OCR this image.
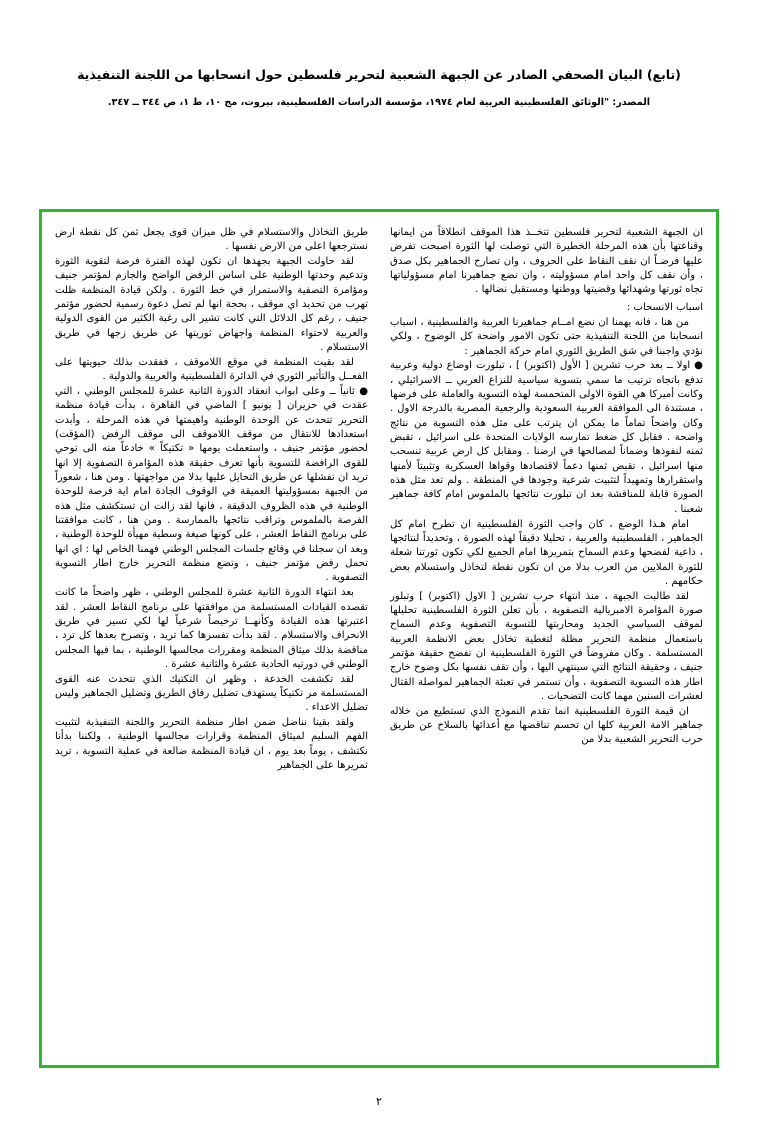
(تابع) البيان الصحفي الصادر عن الجبهة الشعبية لتحرير فلسطين حول انسحابها من اللجنة التنفيذية
المصدر: "الوثائق الفلسطينية العربية لعام ١٩٧٤، مؤسسة الدراسات الفلسطينية، بيروت، مج ١٠، ط ١، ص ٣٤٤ ــ ٣٤٧.

ان الجبهة الشعبية لتحرير فلسطين تتخــذ هذا الموقف انطلاقاً من ايمانها وقناعتها بأن هذه المرحلة الخطيرة التي توصلت لها الثورة اصبحت تفرض عليها فرضـاً ان نقف النقاط على الحروف ، وان تصارح الجماهير بكل صدق ، وأن نقف كل واحد امام مسؤوليته ، وان نضع جماهيرنا امام مسؤولياتها تجاه ثورتها وشهدائها وقضيتها ووطنها ومستقبل نضالها .

اسباب الانسحاب :

من هنا ، فانه يهمنا ان نضع امــام جماهيرنا العربية والفلسطينية ، اسباب انسحابنا من اللجنة التنفيذية حتى تكون الامور واضحة كل الوضوح ، ولكي نؤدي واجبنا في شق الطريق الثوري امام حركة الجماهير :

● اولا ــ بعد حرب تشرين [ الأول (اكتوبر) ] ، تبلورت اوضاع دولية وعربية تدفع باتجاه ترتيب ما سمي بتسوية سياسية للنزاع العربي ــ الاسرائيلي ، وكانت أميركا هي القوة الاولى المتحمسة لهذه التسوية والعاملة على فرضها ، مستندة الى الموافقة العربية السعودية والرجعية المصرية بالدرجة الاول . وكان واضحاً تماماً ما يمكن ان يترتب على مثل هذه التسوية من نتائج واضحة . فقابل كل ضغط تمارسه الولايات المتحدة على اسرائيل ، تقبض ثمنه لنفوذها وضماناً لمصالحها في ارضنا . ومقابل كل ارض عربية تنسحب منها اسرائيل ، تقبض ثمنها دعماً لاقتصادها وقواها العسكرية وتثبيتاً لأمنها واستقرارها وتمهيداً لتثبيت شرعية وجودها في المنطقة . ولم تعد مثل هذه الصورة قابلة للمناقشة بعد ان تبلورت نتائجها بالملموس امام كافة جماهير شعبنا .

امام هـذا الوضع ، كان واجب الثورة الفلسطينية ان تطرح امام كل الجماهير ، الفلسطينية والعربية ، تحليلا دقيقاً لهذه الصورة ، وتحديداً لنتائجها ، داعية لفضحها وعدم السماح بتمريرها امام الجميع لكي تكون ثورتنا شعلة للثورة الملايين من العرب بدلا من ان تكون نقطة لتخاذل واستسلام بعض حكامهم .

لقد طالبت الجبهة ، منذ انتهاء حرب تشرين [ الاول (اكتوبر) ] وتبلور صورة المؤامرة الامبريالية التصفوية ، بأن تعلن الثورة الفلسطينية تحليلها لموقف السياسي الجديد ومحاربتها للتسوية التصفوية وعدم السماح باستعمال منظمة التحرير مظلة لتغطية تخاذل بعض الانظمة العربية المستسلمة . وكان مفروضاً في الثورة الفلسطينية ان تفضح حقيقة مؤتمر جنيف ، وحقيقة النتائج التي سينتهي اليها ، وأن تقف نفسها بكل وضوح خارج اطار هذه التسوية التصفوية ، وأن تستمر في تعبئة الجماهير لمواصلة القتال لعشرات السنين مهما كانت التضحيات .

ان قيمة الثورة الفلسطينية انما تقدم النموذج الذي تستطيع من خلاله جماهير الامة العربية كلها ان تحسم تناقضها مع أعدائها بالسلاح عن طريق حرب التحرير الشعبية بدلا من

طريق التخاذل والاستسلام في ظل ميزان قوى يجعل ثمن كل نقطة ارض نسترجعها اعلى من الارض نفسها .

لقد حاولت الجبهة بجهدها ان تكون لهذه الفترة فرصة لتقوية الثورة وتدعيم وحدتها الوطنية على اساس الرفض الواضح والجازم لمؤتمر جنيف ومؤامرة التصفية والاستمرار في خط الثورة . ولكن قيادة المنظمة ظلت تهرب من تحديد اي موقف ، بحجة انها لم تصل دعوة رسمية لحضور مؤتمر جنيف ، رغم كل الدلائل التي كانت تشير الى رغبة الكثير من القوى الدولية والعربية لاحتواء المنظمة واجهاض ثوريتها عن طريق زجها في طريق الاستسلام .

لقد بقيت المنظمة في موقع اللاموقف ، ففقدت بذلك حيويتها على الفعــل والتأثير الثوري في الدائرة الفلسطينية والعربية والدولية .

● ثانياً ــ وعلى ابواب انعقاد الدورة الثانية عشرة للمجلس الوطني ، التي عقدت في حزيران [ يونيو ] الماضي في القاهرة ، بدأت قيادة منظمة التحرير تتحدث عن الوحدة الوطنية واهيمتها في هذه المرحلة ، وأبدت استعدادها للانتقال من موقف اللاموقف الى موقف الرفض (المؤقت) لحضور مؤتمر جنيف ، واستعملت يومها « تكتيكاً » خادعاً منه الى توحي للقوى الرافضة للتسوية بأنها تعرف حقيقة هذه المؤامرة التصفوية إلا انها تريد ان تفشلها عن طريق التحايل عليها بدلا من مواجهتها . ومن هنا ، شعوراً من الجبهة بمسؤوليتها العميقة في الوقوف الجادة امام اية فرصة للوحدة الوطنية في هذه الظروف الدقيقة ، فانها لقد زالت ان تستكشف مثل هذه الفرصة بالملموس وتراقب نتائجها بالممارسة . ومن هنا ، كانت موافقتنا على برنامج النقاط العشر ، على كونها صيغة وسطية مهيأة للوحدة الوطنية ، وبعد ان سجلنا في وقائع جلسات المجلس الوطني فهمنا الخاص لها : اي انها تحمل رفض مؤتمر جنيف ، وتضع منظمة التحرير خارج اطار التسوية التصفوية .

بعد انتهاء الدورة الثانية عشرة للمجلس الوطني ، ظهر واضحاً ما كانت تقصده القيادات المستسلمة من موافقتها على برنامج النقاط العشر . لقد اعتبرتها هذه القيادة وكأنهــا ترخيصاً شرعياً لها لكي تسير في طريق الانحراف والاستسلام . لقد بدأت تفسرها كما تريد ، وتصرح بعدها كل ترد ، مناقضة بذلك ميثاق المنظمة ومقررات مجالسها الوطنية ، بما فيها المجلس الوطني في دورتيه الحادية عشرة والثانية عشرة .

لقد تكشفت الخدعة ، وظهر ان التكتيك الذي تتحدث عنه القوى المستسلمة مر تكتيكاً يستهدف تضليل رفاق الطريق وتضليل الجماهير وليس تضليل الاعداء .

ولقد بقينا نناضل ضمن اطار منظمة التحرير واللجنة التنفيذية لتثبيت الفهم السليم لميثاق المنظمة وقرارات مجالسها الوطنية ، ولكننا بدأنا نكتشف ، يوماً بعد يوم ، ان قيادة المنظمة ضالعة في عملية التسوية ، تريد تمريرها على الجماهير

٢
